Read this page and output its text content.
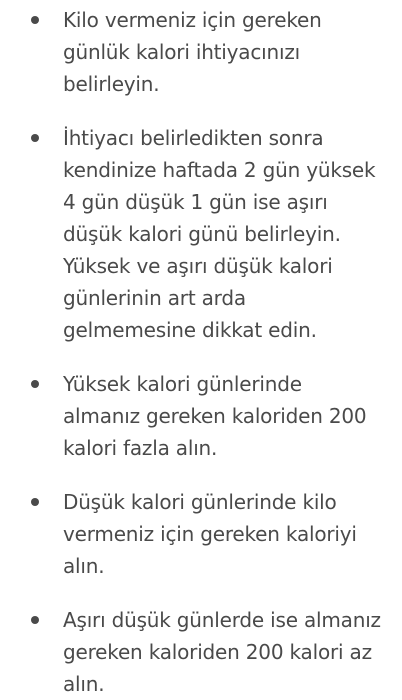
Kilo vermeniz için gereken günlük kalori ihtiyacınızı belirleyin.
İhtiyacı belirledikten sonra kendinize haftada 2 gün yüksek 4 gün düşük 1 gün ise aşırı düşük kalori günü belirleyin. Yüksek ve aşırı düşük kalori günlerinin art arda gelmemesine dikkat edin.
Yüksek kalori günlerinde almanız gereken kaloriden 200 kalori fazla alın.
Düşük kalori günlerinde kilo vermeniz için gereken kaloriyi alın.
Aşırı düşük günlerde ise almanız gereken kaloriden 200 kalori az alın.
